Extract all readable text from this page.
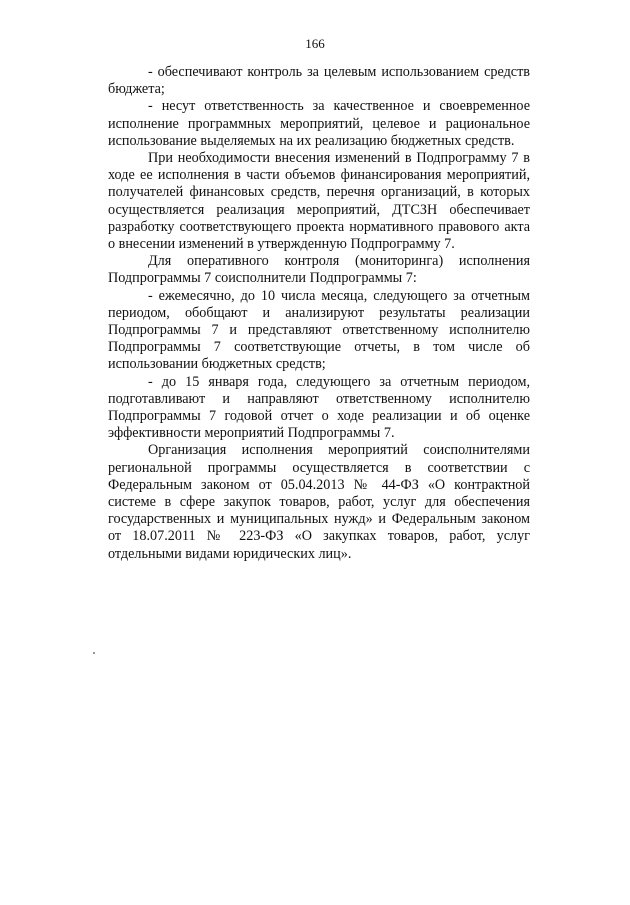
166

- обеспечивают контроль за целевым использованием средств бюджета;

- несут ответственность за качественное и своевременное исполнение программных мероприятий, целевое и рациональное использование выделяемых на их реализацию бюджетных средств.

При необходимости внесения изменений в Подпрограмму 7 в ходе ее исполнения в части объемов финансирования мероприятий, получателей финансовых средств, перечня организаций, в которых осуществляется реализация мероприятий, ДТСЗН обеспечивает разработку соответствующего проекта нормативного правового акта о внесении изменений в утвержденную Подпрограмму 7.

Для оперативного контроля (мониторинга) исполнения Подпрограммы 7 соисполнители Подпрограммы 7:

- ежемесячно, до 10 числа месяца, следующего за отчетным периодом, обобщают и анализируют результаты реализации Подпрограммы 7 и представляют ответственному исполнителю Подпрограммы 7 соответствующие отчеты, в том числе об использовании бюджетных средств;

- до 15 января года, следующего за отчетным периодом, подготавливают и направляют ответственному исполнителю Подпрограммы 7 годовой отчет о ходе реализации и об оценке эффективности мероприятий Подпрограммы 7.

Организация исполнения мероприятий соисполнителями региональной программы осуществляется в соответствии с Федеральным законом от 05.04.2013 № 44-ФЗ «О контрактной системе в сфере закупок товаров, работ, услуг для обеспечения государственных и муниципальных нужд» и Федеральным законом от 18.07.2011 № 223-ФЗ «О закупках товаров, работ, услуг отдельными видами юридических лиц».
